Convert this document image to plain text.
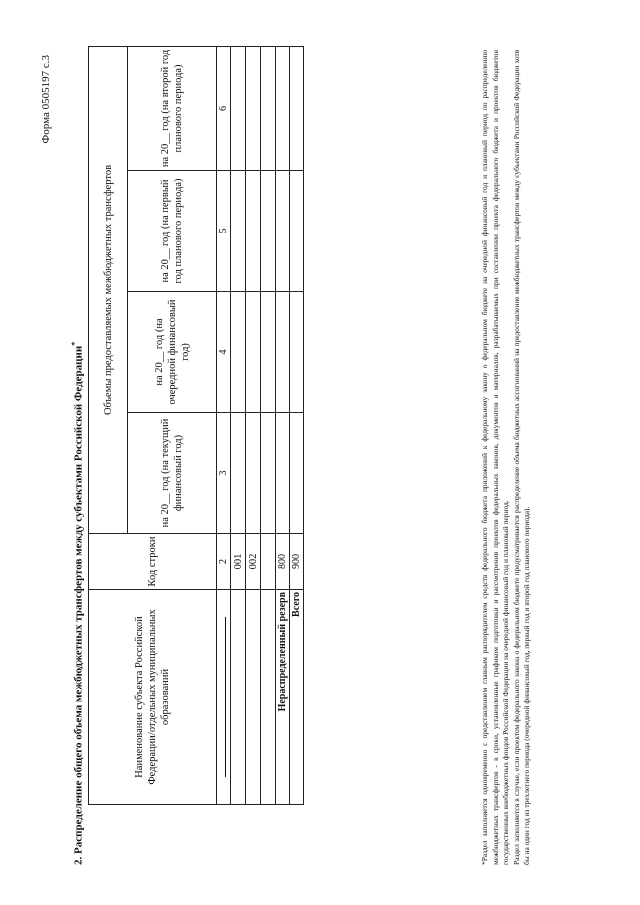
Форма 0505197 с.3
2. Распределение общего объема межбюджетных трансфертов между субъектами Российской Федерации*
Наименование субъекта Российской Федерации/отдельных муниципальных образований	Код строки	Объемы предоставляемых межбюджетных трансфертов			
		на 20__ год (на текущий финансовый год)	на 20__ год (на очередной финансовый год)	на 20__ год (на первый год планового периода)	на 20__ год (на второй год планового периода)
	2	3	4	5	6
	001				
	002				

Нераспределенный резерв	800				
Всего	900					*Раздел заполняется одновременно с представлением главным распорядителем средств федерального бюджета приложений к федеральному закону о федеральном бюджете на очередной финансовый год и плановый период по распределению межбюджетных трансфертов - в сроки, установленные графиком подготовки и рассмотрения проектов федеральных законов, документов и материалов, разрабатываемых при составлении проекта федерального бюджета и проектов бюджетов государственных внебюджетных фондов Российской Федерации на очередной финансовый год и плановый период. Раздел заполняется в случае, если проектом федерального закона о федеральном бюджете предусматривается распределение объема бюджетных ассигнований на предоставление межбюджетных трансфертов между субъектами Российской Федерации хотя бы на один год из трехлетнего периода (очередной финансовый год, первый год и второй год планового периода).
